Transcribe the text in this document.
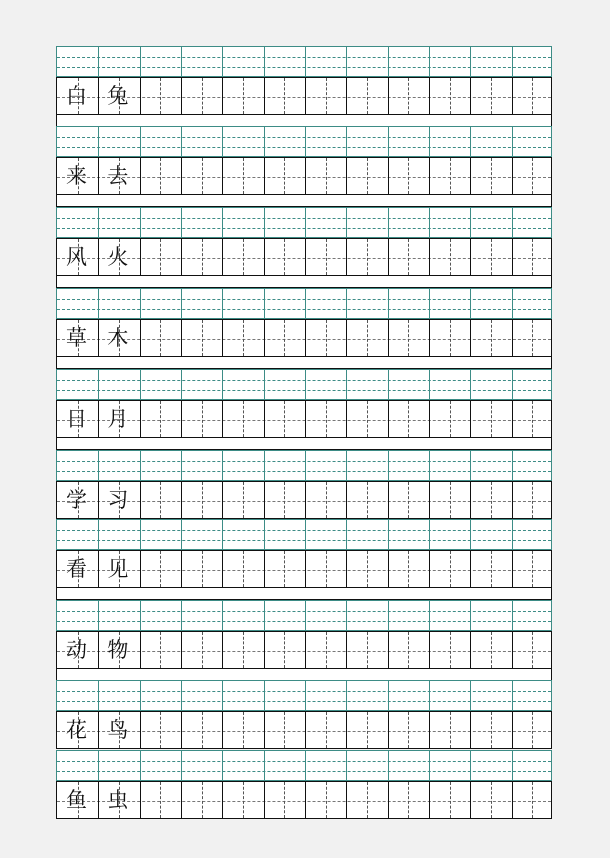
白 兔
来 去
风 火
草 木
日 月
学 习
看 见
动 物
花 鸟
鱼 虫
